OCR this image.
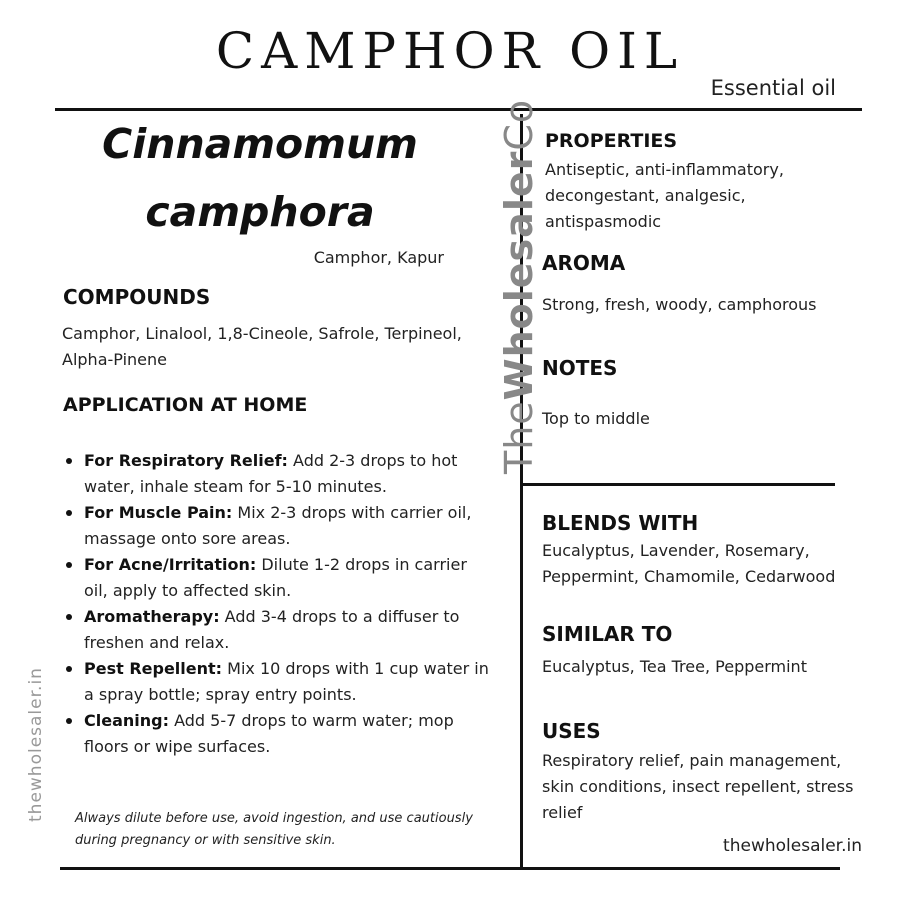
CAMPHOR OIL
Essential oil
Cinnamomum
camphora
Camphor, Kapur
COMPOUNDS
Camphor, Linalool, 1,8-Cineole, Safrole, Terpineol, Alpha-Pinene
APPLICATION AT HOME
For Respiratory Relief: Add 2-3 drops to hot water, inhale steam for 5-10 minutes.
For Muscle Pain: Mix 2-3 drops with carrier oil, massage onto sore areas.
For Acne/Irritation: Dilute 1-2 drops in carrier oil, apply to affected skin.
Aromatherapy: Add 3-4 drops to a diffuser to freshen and relax.
Pest Repellent: Mix 10 drops with 1 cup water in a spray bottle; spray entry points.
Cleaning: Add 5-7 drops to warm water; mop floors or wipe surfaces.
Always dilute before use, avoid ingestion, and use cautiously during pregnancy or with sensitive skin.
TheWholesalerCo
thewholesaler.in
PROPERTIES
Antiseptic, anti-inflammatory, decongestant, analgesic, antispasmodic
AROMA
Strong, fresh, woody, camphorous
NOTES
Top to middle
BLENDS WITH
Eucalyptus, Lavender, Rosemary, Peppermint, Chamomile, Cedarwood
SIMILAR TO
Eucalyptus, Tea Tree, Peppermint
USES
Respiratory relief, pain management, skin conditions, insect repellent, stress relief
thewholesaler.in
